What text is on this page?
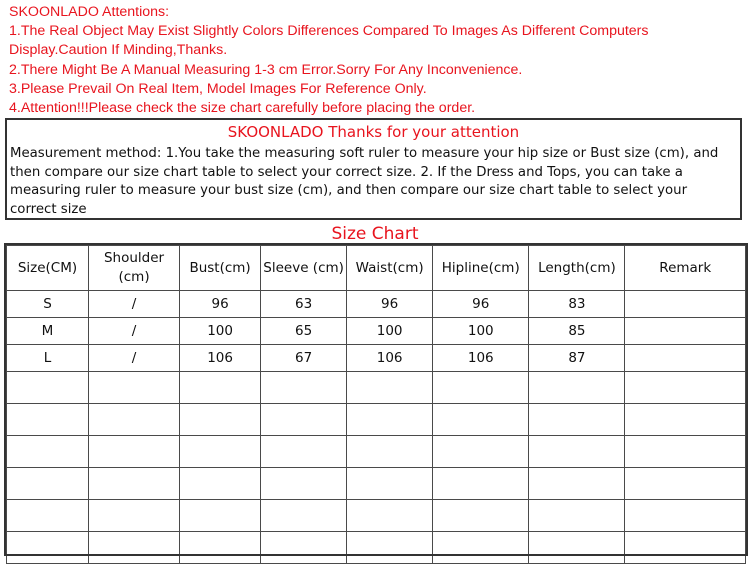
SKOONLADO Attentions:
1.The Real Object May Exist Slightly Colors Differences Compared To Images As Different Computers
Display.Caution If Minding,Thanks.
2.There Might Be A Manual Measuring 1-3 cm Error.Sorry For Any Inconvenience.
3.Please Prevail On Real Item, Model Images For Reference Only.
4.Attention!!!Please check the size chart carefully before placing the order.
SKOONLADO Thanks for your attention
Measurement method: 1.You take the measuring soft ruler to measure your hip size or Bust size (cm), and then compare our size chart table to select your correct size. 2. If the Dress and Tops, you can take a measuring ruler to measure your bust size (cm), and then compare our size chart table to select your correct size
Size Chart
Size(CM)	Shoulder (cm)	Bust(cm)	Sleeve (cm)	Waist(cm)	Hipline(cm)	Length(cm)	Remark
S	/	96	63	96	96	83	
M	/	100	65	100	100	85	
L	/	106	67	106	106	87	
